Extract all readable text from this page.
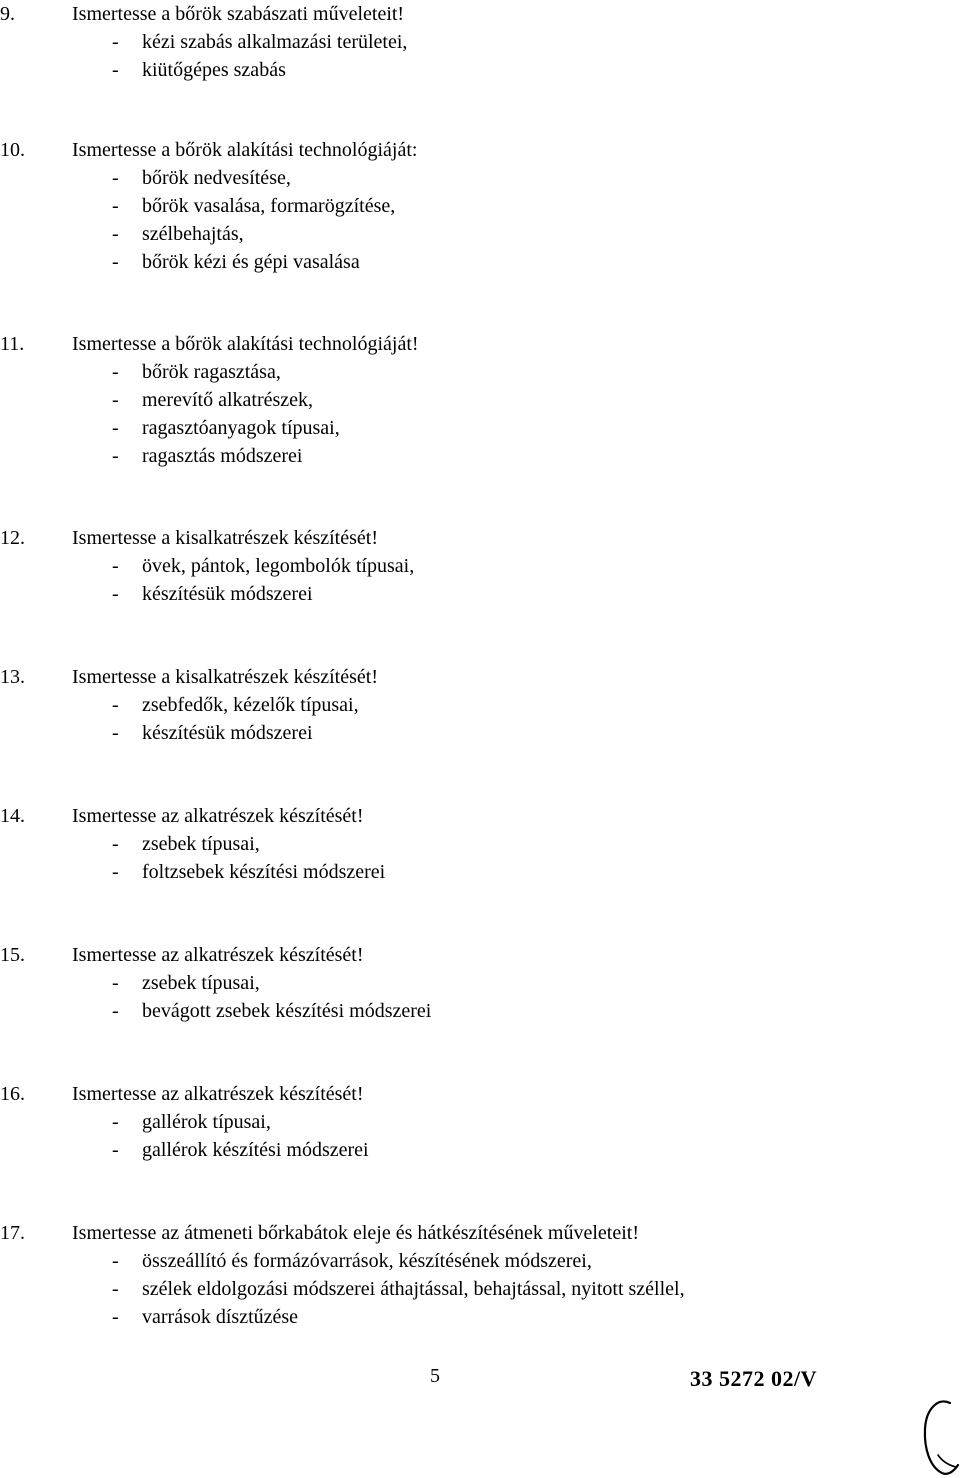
9.	Ismertesse a bőrök szabászati műveleteit!
- kézi szabás alkalmazási területei,
- kiütőgépes szabás
10.	Ismertesse a bőrök alakítási technológiáját:
- bőrök nedvesítése,
- bőrök vasalása, formarögzítése,
- szélbehajtás,
- bőrök kézi és gépi vasalása
11.	Ismertesse a bőrök alakítási technológiáját!
- bőrök ragasztása,
- merevítő alkatrészek,
- ragasztóanyagok típusai,
- ragasztás módszerei
12.	Ismertesse a kisalkatrészek készítését!
- övek, pántok, legombolók típusai,
- készítésük módszerei
13.	Ismertesse a kisalkatrészek készítését!
- zsebfedők, kézelők típusai,
- készítésük módszerei
14.	Ismertesse az alkatrészek készítését!
- zsebek típusai,
- foltzsebek készítési módszerei
15.	Ismertesse az alkatrészek készítését!
- zsebek típusai,
- bevágott zsebek készítési módszerei
16.	Ismertesse az alkatrészek készítését!
- gallérok típusai,
- gallérok készítési módszerei
17.	Ismertesse az átmeneti bőrkabátok eleje és hátkészítésének műveleteit!
- összeállító és formázóvarrások, készítésének módszerei,
- szélek eldolgozási módszerei áthajtással, behajtással, nyitott széllel,
- varrások dísztűzése
5	33 5272 02/V
